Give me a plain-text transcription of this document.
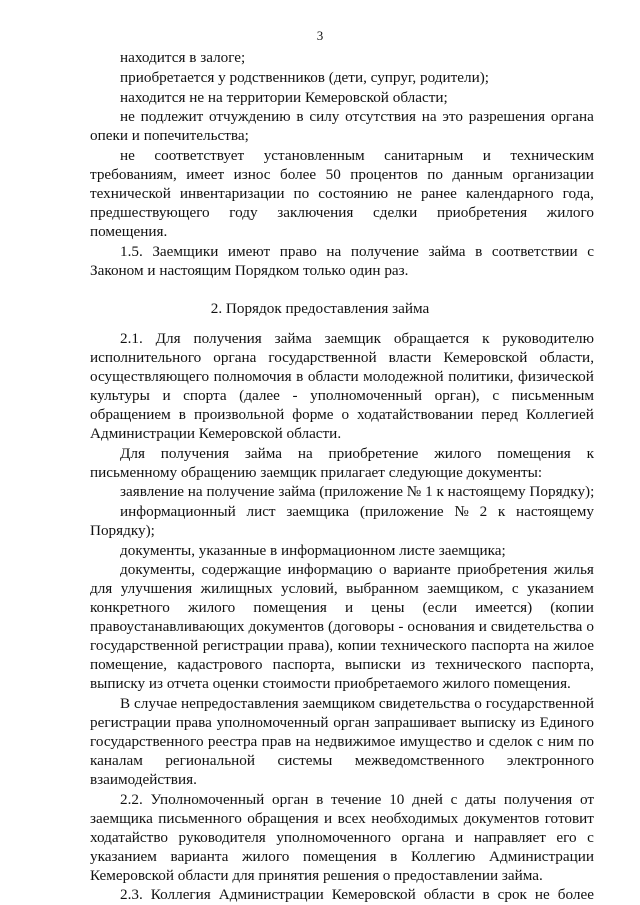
3
находится в залоге;
приобретается у родственников (дети, супруг, родители);
находится не на территории Кемеровской области;
не подлежит отчуждению в силу отсутствия на это разрешения органа
опеки и попечительства;
не соответствует установленным санитарным и техническим
требованиям, имеет износ более 50 процентов по данным организации
технической инвентаризации по состоянию не ранее календарного года,
предшествующего году заключения сделки приобретения жилого
помещения.
1.5. Заемщики имеют право на получение займа в соответствии с
Законом и настоящим Порядком только один раз.
2. Порядок предоставления займа
2.1. Для получения займа заемщик обращается к руководителю
исполнительного органа государственной власти Кемеровской области,
осуществляющего полномочия в области молодежной политики, физической
культуры и спорта (далее - уполномоченный орган), с письменным
обращением в произвольной форме о ходатайствовании перед Коллегией
Администрации Кемеровской области.
Для получения займа на приобретение жилого помещения к
письменному обращению заемщик прилагает следующие документы:
заявление на получение займа (приложение № 1 к настоящему Порядку);
информационный лист заемщика (приложение № 2 к настоящему
Порядку);
документы, указанные в информационном листе заемщика;
документы, содержащие информацию о варианте приобретения жилья
для улучшения жилищных условий, выбранном заемщиком, с указанием
конкретного жилого помещения и цены (если имеется) (копии
правоустанавливающих документов (договоры - основания и свидетельства о
государственной регистрации права), копии технического паспорта на жилое
помещение, кадастрового паспорта, выписки из технического паспорта,
выписку из отчета оценки стоимости приобретаемого жилого помещения.
В случае непредоставления заемщиком свидетельства о государственной
регистрации права уполномоченный орган запрашивает выписку из Единого
государственного реестра прав на недвижимое имущество и сделок с ним по
каналам региональной системы межведомственного электронного
взаимодействия.
2.2. Уполномоченный орган в течение 10 дней с даты получения от
заемщика письменного обращения и всех необходимых документов готовит
ходатайство руководителя уполномоченного органа и направляет его с
указанием варианта жилого помещения в Коллегию Администрации
Кемеровской области для принятия решения о предоставлении займа.
2.3. Коллегия Администрации Кемеровской области в срок не более
